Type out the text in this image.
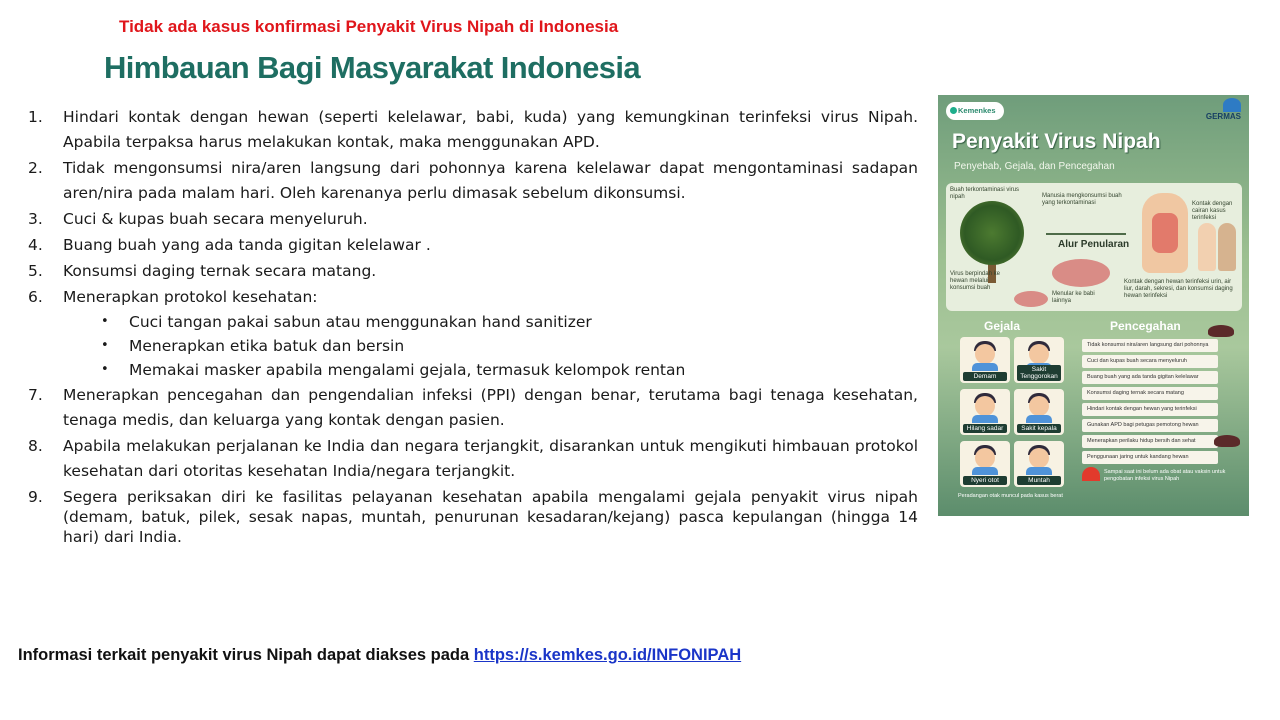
Tidak ada kasus konfirmasi Penyakit Virus Nipah di Indonesia
Himbauan Bagi Masyarakat Indonesia
1. Hindari kontak dengan hewan (seperti kelelawar, babi, kuda) yang kemungkinan terinfeksi virus Nipah. Apabila terpaksa harus melakukan kontak, maka menggunakan APD.
2. Tidak mengonsumsi nira/aren langsung dari pohonnya karena kelelawar dapat mengontaminasi sadapan aren/nira pada malam hari. Oleh karenanya perlu dimasak sebelum dikonsumsi.
3. Cuci & kupas buah secara menyeluruh.
4. Buang buah yang ada tanda gigitan kelelawar .
5. Konsumsi daging ternak secara matang.
6. Menerapkan protokol kesehatan:
• Cuci tangan pakai sabun atau menggunakan hand sanitizer
• Menerapkan etika batuk dan bersin
• Memakai masker apabila mengalami gejala, termasuk kelompok rentan
7. Menerapkan pencegahan dan pengendalian infeksi (PPI) dengan benar, terutama bagi tenaga kesehatan, tenaga medis, dan keluarga yang kontak dengan pasien.
8. Apabila melakukan perjalanan ke India dan negara terjangkit, disarankan untuk mengikuti himbauan protokol kesehatan dari otoritas kesehatan India/negara terjangkit.
9. Segera periksakan diri ke fasilitas pelayanan kesehatan apabila mengalami gejala penyakit virus nipah (demam, batuk, pilek, sesak napas, muntah, penurunan kesadaran/kejang) pasca kepulangan (hingga 14 hari) dari India.
Informasi terkait penyakit virus Nipah dapat diakses pada https://s.kemkes.go.id/INFONIPAH
Kemenkes
GERMAS
Penyakit Virus Nipah
Penyebab, Gejala, dan Pencegahan
Buah terkontaminasi virus nipah	Manusia mengkonsumsi buah yang terkontaminasi	Kontak dengan cairan kasus terinfeksi
Alur Penularan
Virus berpindah ke hewan melalui konsumsi buah
Menular ke babi lainnya
Kontak dengan hewan terinfeksi urin, air liur, darah, sekresi, dan konsumsi daging hewan terinfeksi
Gejala	Pencegahan
Demam
Sakit Tenggorokan
Hilang sadar	Sakit kepala
Nyeri otot	Muntah
Peradangan otak muncul pada kasus berat
Tidak konsumsi nira/aren langsung dari pohonnya
Cuci dan kupas buah secara menyeluruh
Buang buah yang ada tanda gigitan kelelawar
Konsumsi daging ternak secara matang
Hindari kontak dengan hewan yang terinfeksi
Gunakan APD bagi petugas pemotong hewan
Menerapkan perilaku hidup bersih dan sehat
Penggunaan jaring untuk kandang hewan
Sampai saat ini belum ada obat atau vaksin untuk pengobatan infeksi virus Nipah
